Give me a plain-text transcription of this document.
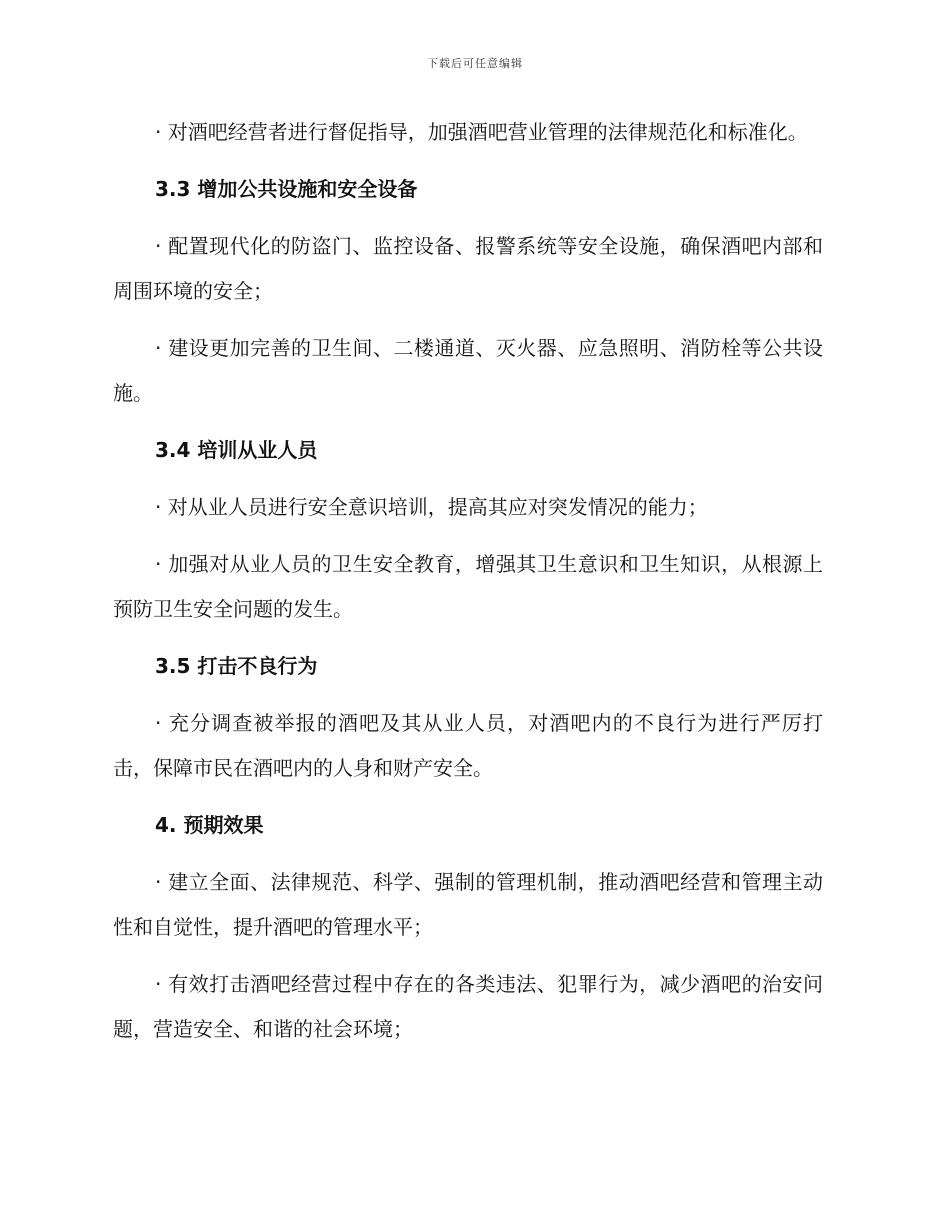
下载后可任意编辑

· 对酒吧经营者进行督促指导，加强酒吧营业管理的法律规范化和标准化。

3.3 增加公共设施和安全设备

· 配置现代化的防盗门、监控设备、报警系统等安全设施，确保酒吧内部和周围环境的安全；

· 建设更加完善的卫生间、二楼通道、灭火器、应急照明、消防栓等公共设施。

3.4 培训从业人员

· 对从业人员进行安全意识培训，提高其应对突发情况的能力；

· 加强对从业人员的卫生安全教育，增强其卫生意识和卫生知识，从根源上预防卫生安全问题的发生。

3.5 打击不良行为

· 充分调查被举报的酒吧及其从业人员，对酒吧内的不良行为进行严厉打击，保障市民在酒吧内的人身和财产安全。

4. 预期效果

· 建立全面、法律规范、科学、强制的管理机制，推动酒吧经营和管理主动性和自觉性，提升酒吧的管理水平；

· 有效打击酒吧经营过程中存在的各类违法、犯罪行为，减少酒吧的治安问题，营造安全、和谐的社会环境；
